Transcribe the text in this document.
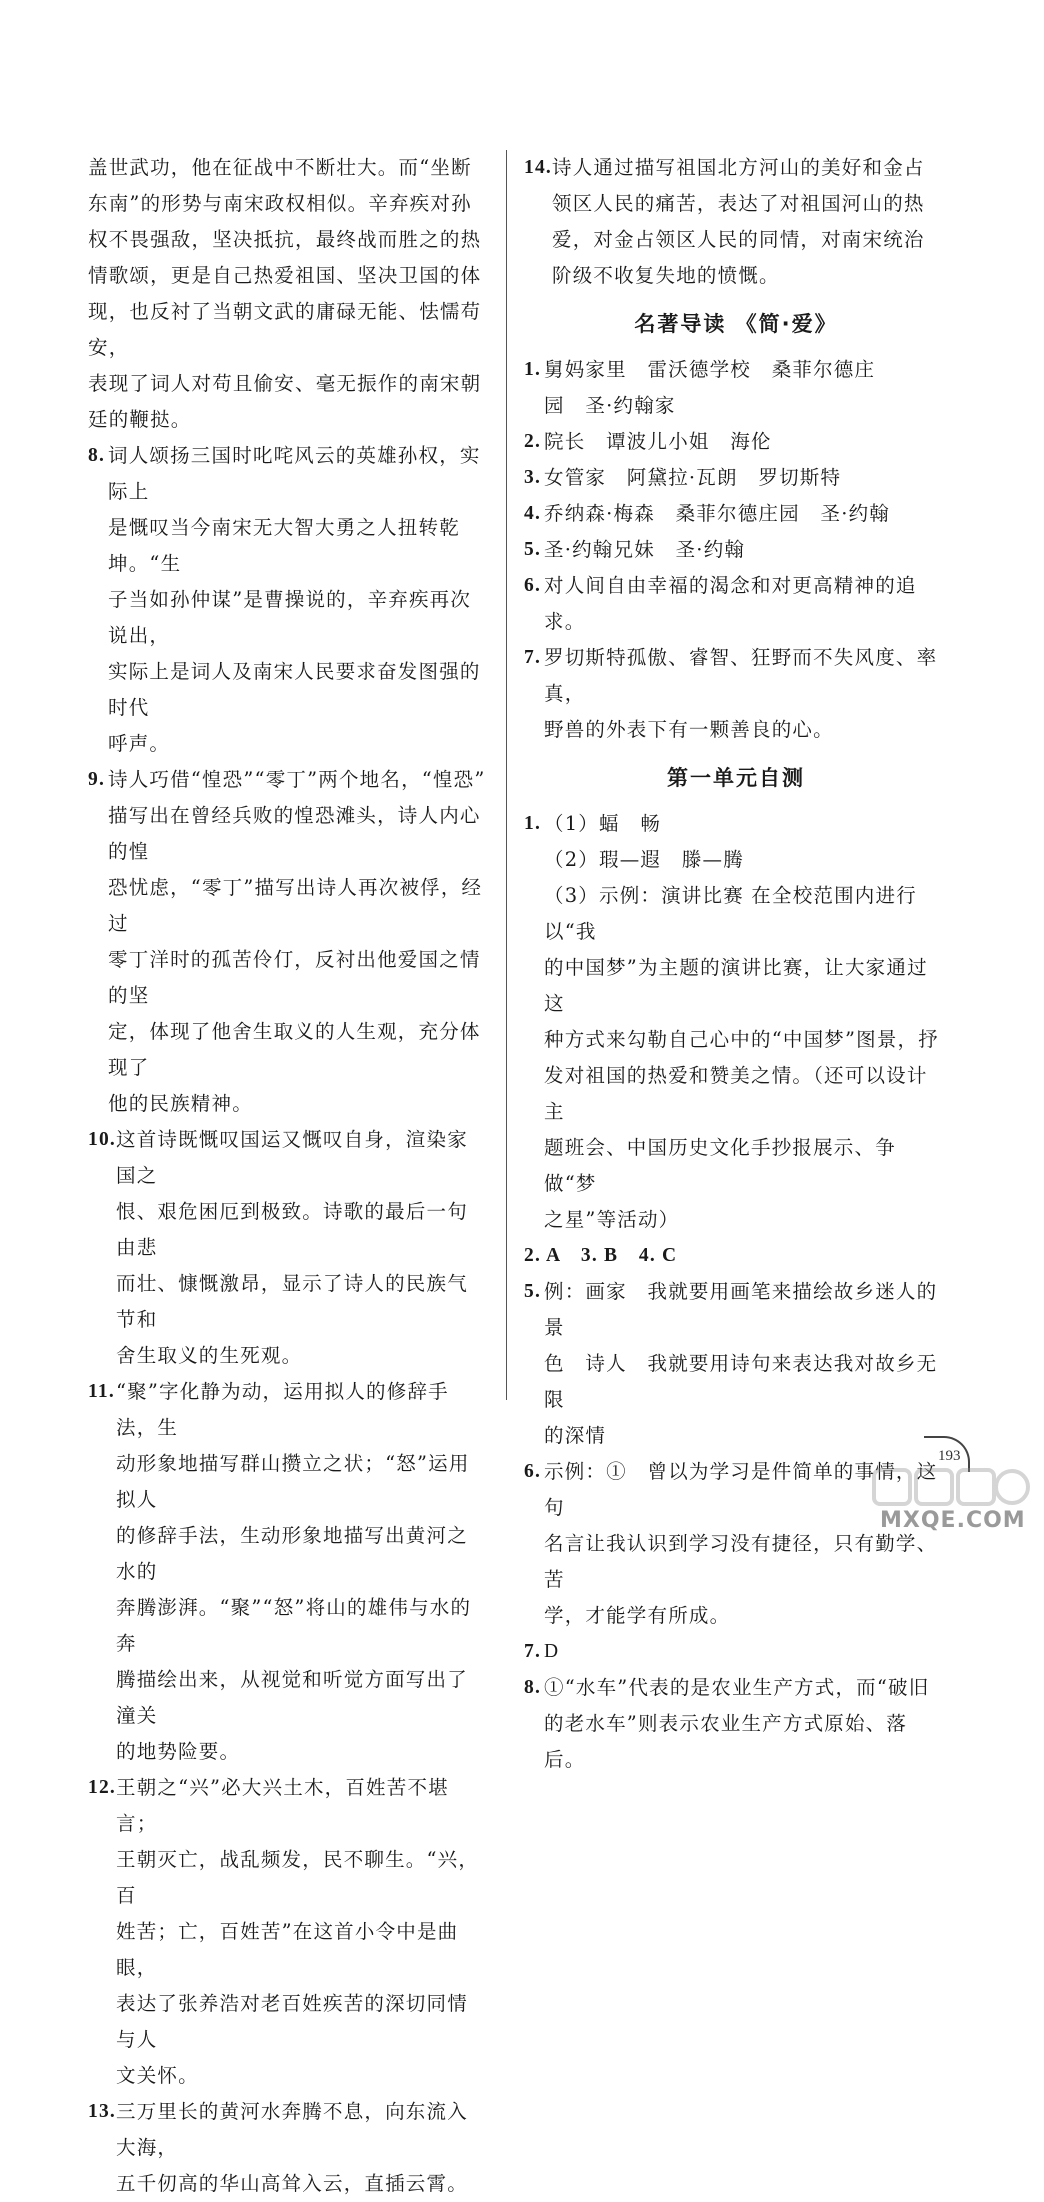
盖世武功，他在征战中不断壮大。而“坐断
东南”的形势与南宋政权相似。辛弃疾对孙
权不畏强敌，坚决抵抗，最终战而胜之的热
情歌颂，更是自己热爱祖国、坚决卫国的体
现，也反衬了当朝文武的庸碌无能、怯懦苟安，
表现了词人对苟且偷安、毫无振作的南宋朝
廷的鞭挞。
8. 词人颂扬三国时叱咤风云的英雄孙权，实际上
是慨叹当今南宋无大智大勇之人扭转乾坤。“生
子当如孙仲谋”是曹操说的，辛弃疾再次说出，
实际上是词人及南宋人民要求奋发图强的时代
呼声。
9. 诗人巧借“惶恐”“零丁”两个地名，“惶恐”
描写出在曾经兵败的惶恐滩头，诗人内心的惶
恐忧虑，“零丁”描写出诗人再次被俘，经过
零丁洋时的孤苦伶仃，反衬出他爱国之情的坚
定，体现了他舍生取义的人生观，充分体现了
他的民族精神。
10. 这首诗既慨叹国运又慨叹自身，渲染家国之
恨、艰危困厄到极致。诗歌的最后一句由悲
而壮、慷慨激昂，显示了诗人的民族气节和
舍生取义的生死观。
11. “聚”字化静为动，运用拟人的修辞手法，生
动形象地描写群山攒立之状；“怒”运用拟人
的修辞手法，生动形象地描写出黄河之水的
奔腾澎湃。“聚”“怒”将山的雄伟与水的奔
腾描绘出来，从视觉和听觉方面写出了潼关
的地势险要。
12. 王朝之“兴”必大兴土木，百姓苦不堪言；
王朝灭亡，战乱频发，民不聊生。“兴，百
姓苦；亡，百姓苦”在这首小令中是曲眼，
表达了张养浩对老百姓疾苦的深切同情与人
文关怀。
13. 三万里长的黄河水奔腾不息，向东流入大海，
五千仞高的华山高耸入云，直插云霄。
14. 诗人通过描写祖国北方河山的美好和金占
领区人民的痛苦，表达了对祖国河山的热
爱，对金占领区人民的同情，对南宋统治
阶级不收复失地的愤慨。
名著导读 《简·爱》
1. 舅妈家里　雷沃德学校　桑菲尔德庄
园　圣·约翰家
2. 院长　谭波儿小姐　海伦
3. 女管家　阿黛拉·瓦朗　罗切斯特
4. 乔纳森·梅森　桑菲尔德庄园　圣·约翰
5. 圣·约翰兄妹　圣·约翰
6. 对人间自由幸福的渴念和对更高精神的追求。
7. 罗切斯特孤傲、睿智、狂野而不失风度、率真，
野兽的外表下有一颗善良的心。
第一单元自测
1. （1）蝠　畅
（2）瑕—遐　滕—腾
（3）示例：演讲比赛 在全校范围内进行以“我
的中国梦”为主题的演讲比赛，让大家通过这
种方式来勾勒自己心中的“中国梦”图景，抒
发对祖国的热爱和赞美之情。（还可以设计主
题班会、中国历史文化手抄报展示、争做“梦
之星”等活动）
2. A　3. B　4. C
5. 例：画家　我就要用画笔来描绘故乡迷人的景
色　诗人　我就要用诗句来表达我对故乡无限
的深情
6. 示例：①　曾以为学习是件简单的事情，这句
名言让我认识到学习没有捷径，只有勤学、苦
学，才能学有所成。
7. D
8. ①“水车”代表的是农业生产方式，而“破旧
的老水车”则表示农业生产方式原始、落后。
193
MXQE.COM
